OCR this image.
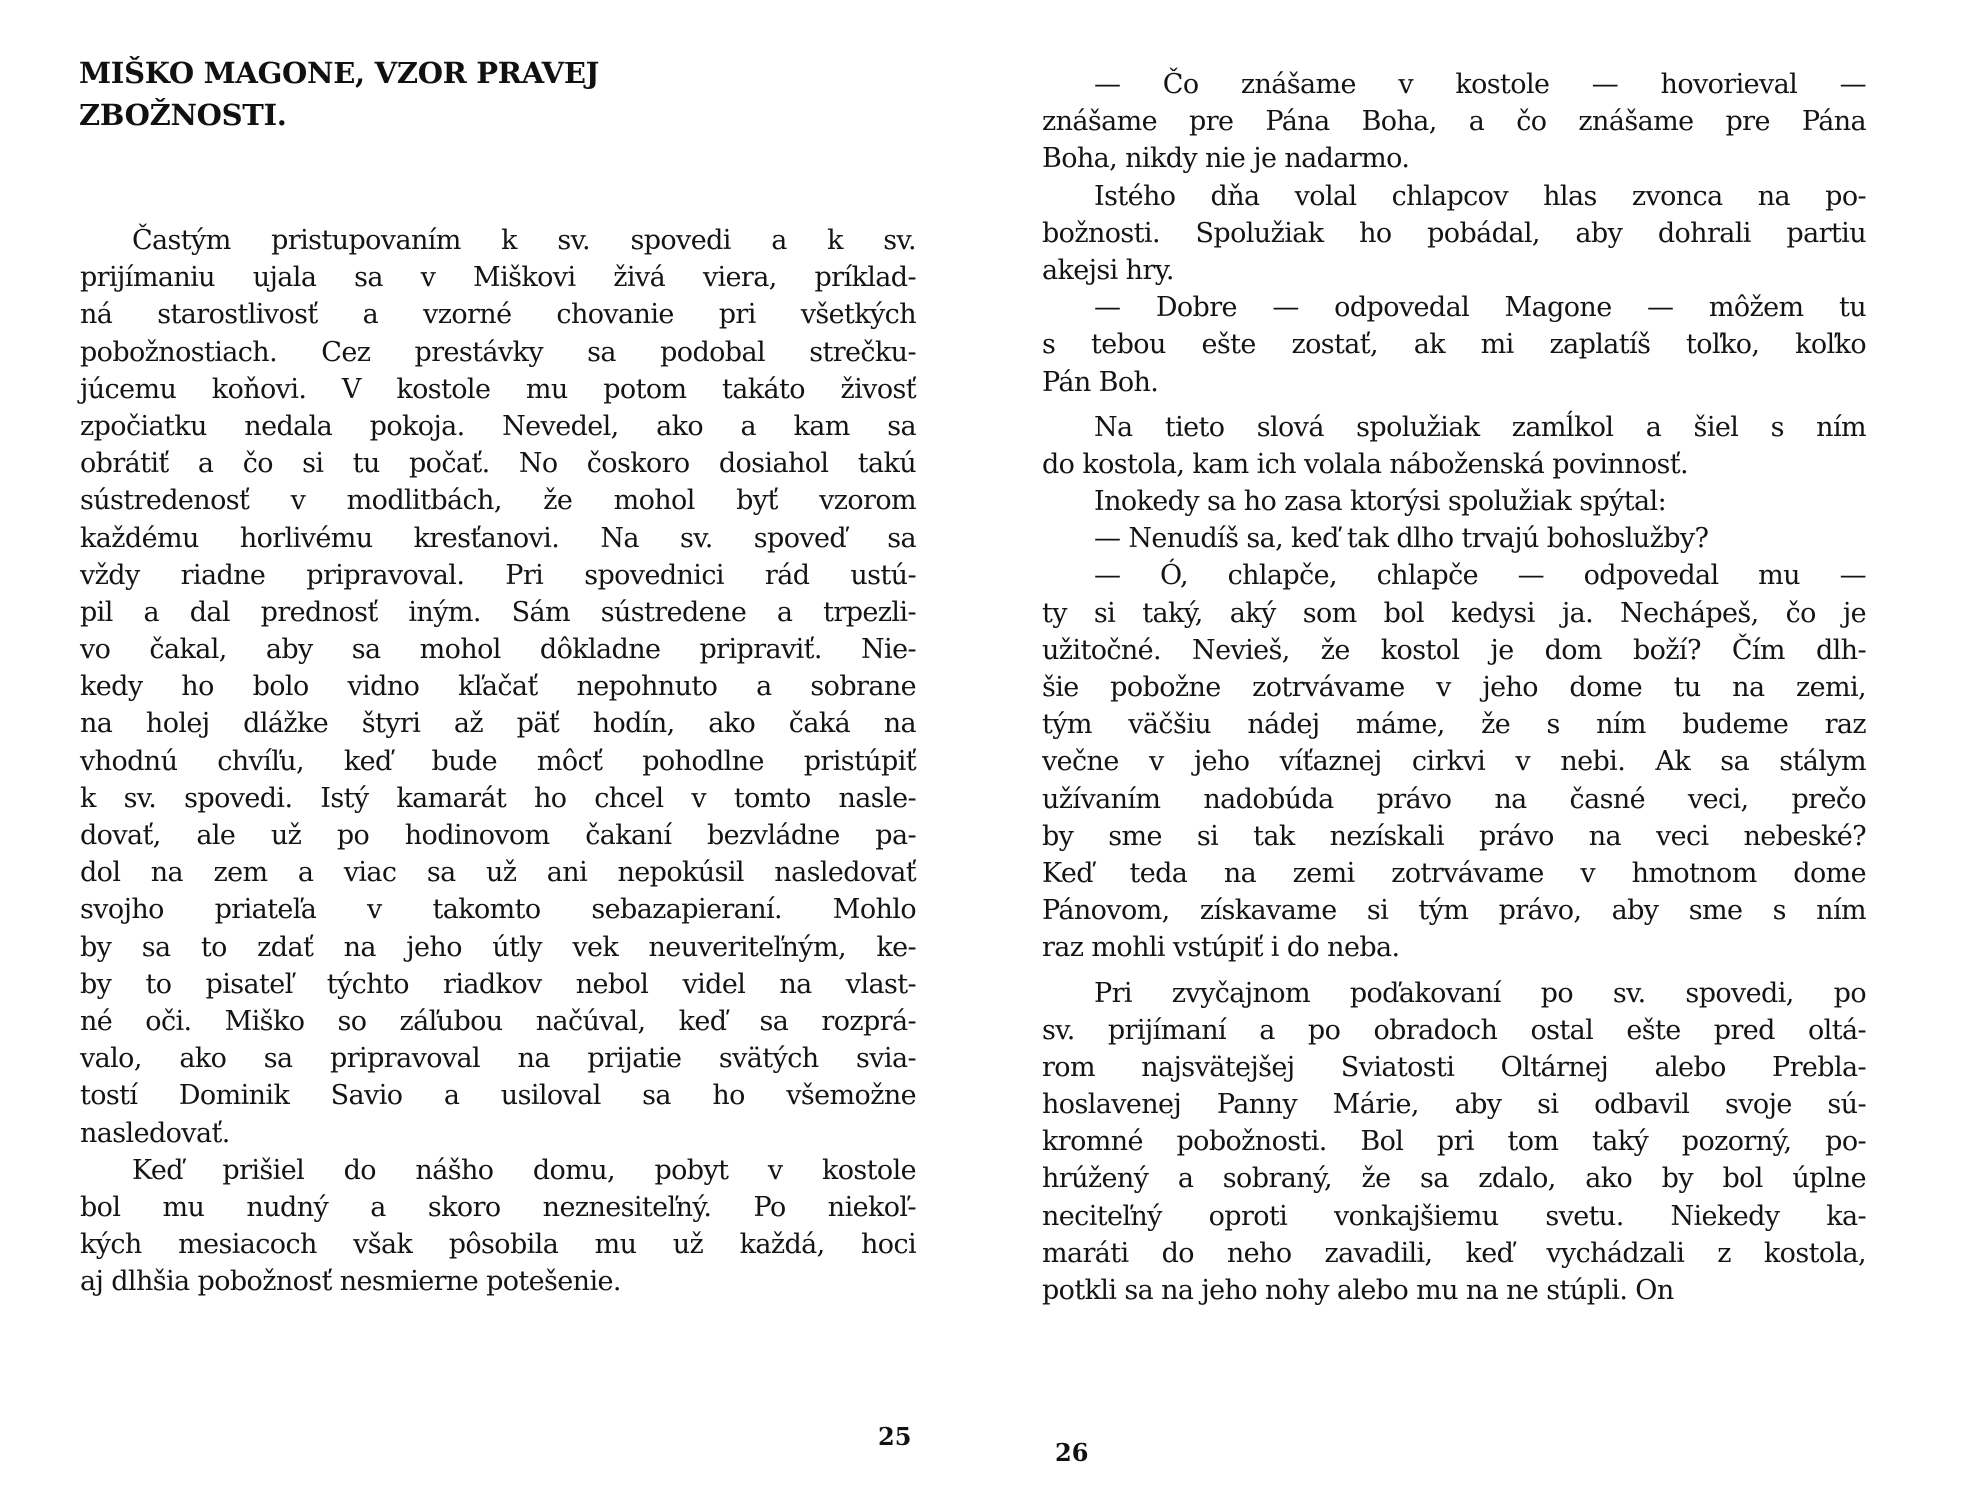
MIŠKO MAGONE, VZOR PRAVEJ
ZBOŽNOSTI.
Častým pristupovaním k sv. spovedi a k sv.
prijímaniu ujala sa v Miškovi živá viera, príklad-
ná starostlivosť a vzorné chovanie pri všetkých
pobožnostiach. Cez prestávky sa podobal strečku-
júcemu koňovi. V kostole mu potom takáto živosť
zpočiatku nedala pokoja. Nevedel, ako a kam sa
obrátiť a čo si tu počať. No čoskoro dosiahol takú
sústredenosť v modlitbách, že mohol byť vzorom
každému horlivému kresťanovi. Na sv. spoveď sa
vždy riadne pripravoval. Pri spovednici rád ustú-
pil a dal prednosť iným. Sám sústredene a trpezli-
vo čakal, aby sa mohol dôkladne pripraviť. Nie-
kedy ho bolo vidno kľačať nepohnuto a sobrane
na holej dlážke štyri až päť hodín, ako čaká na
vhodnú chvíľu, keď bude môcť pohodlne pristúpiť
k sv. spovedi. Istý kamarát ho chcel v tomto nasle-
dovať, ale už po hodinovom čakaní bezvládne pa-
dol na zem a viac sa už ani nepokúsil nasledovať
svojho priateľa v takomto sebazapieraní. Mohlo
by sa to zdať na jeho útly vek neuveriteľným, ke-
by to pisateľ týchto riadkov nebol videl na vlast-
né oči. Miško so záľubou načúval, keď sa rozprá-
valo, ako sa pripravoval na prijatie svätých svia-
tostí Dominik Savio a usiloval sa ho všemožne
nasledovať.
Keď prišiel do nášho domu, pobyt v kostole
bol mu nudný a skoro neznesiteľný. Po niekoľ-
kých mesiacoch však pôsobila mu už každá, hoci
aj dlhšia pobožnosť nesmierne potešenie.
25
— Čo znášame v kostole — hovorieval —
znášame pre Pána Boha, a čo znášame pre Pána
Boha, nikdy nie je nadarmo.
Istého dňa volal chlapcov hlas zvonca na po-
božnosti. Spolužiak ho pobádal, aby dohrali partiu
akejsi hry.
— Dobre — odpovedal Magone — môžem tu
s tebou ešte zostať, ak mi zaplatíš toľko, koľko
Pán Boh.
Na tieto slová spolužiak zamĺkol a šiel s ním
do kostola, kam ich volala náboženská povinnosť.
Inokedy sa ho zasa ktorýsi spolužiak spýtal:
— Nenudíš sa, keď tak dlho trvajú bohoslužby?
— Ó, chlapče, chlapče — odpovedal mu —
ty si taký, aký som bol kedysi ja. Nechápeš, čo je
užitočné. Nevieš, že kostol je dom boží? Čím dlh-
šie pobožne zotrvávame v jeho dome tu na zemi,
tým väčšiu nádej máme, že s ním budeme raz
večne v jeho víťaznej cirkvi v nebi. Ak sa stálym
užívaním nadobúda právo na časné veci, prečo
by sme si tak nezískali právo na veci nebeské?
Keď teda na zemi zotrvávame v hmotnom dome
Pánovom, získavame si tým právo, aby sme s ním
raz mohli vstúpiť i do neba.
Pri zvyčajnom poďakovaní po sv. spovedi, po
sv. prijímaní a po obradoch ostal ešte pred oltá-
rom najsvätejšej Sviatosti Oltárnej alebo Prebla-
hoslavenej Panny Márie, aby si odbavil svoje sú-
kromné pobožnosti. Bol pri tom taký pozorný, po-
hrúžený a sobraný, že sa zdalo, ako by bol úplne
neciteľný oproti vonkajšiemu svetu. Niekedy ka-
maráti do neho zavadili, keď vychádzali z kostola,
potkli sa na jeho nohy alebo mu na ne stúpli. On
26
